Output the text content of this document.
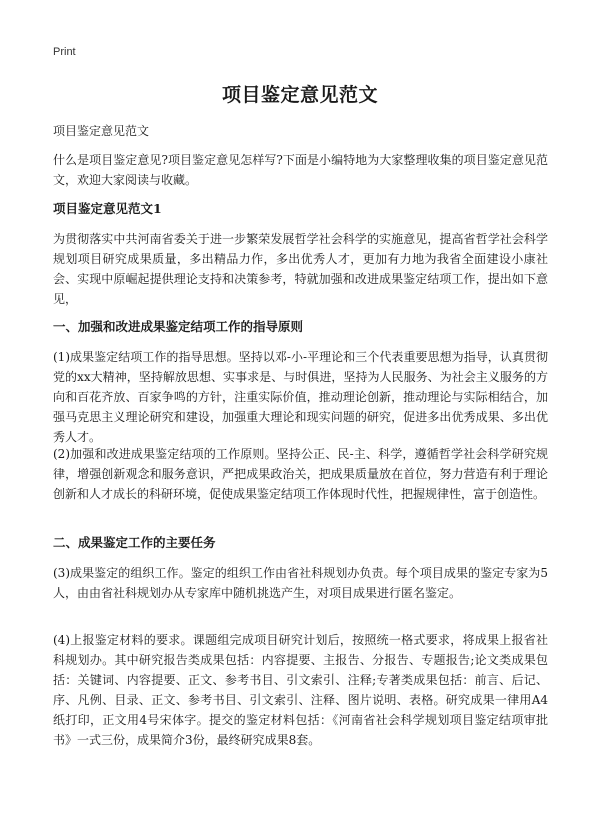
Print
项目鉴定意见范文
项目鉴定意见范文
什么是项目鉴定意见?项目鉴定意见怎样写?下面是小编特地为大家整理收集的项目鉴定意见范文，欢迎大家阅读与收藏。
项目鉴定意见范文1
为贯彻落实中共河南省委关于进一步繁荣发展哲学社会科学的实施意见，提高省哲学社会科学规划项目研究成果质量，多出精品力作，多出优秀人才，更加有力地为我省全面建设小康社会、实现中原崛起提供理论支持和决策参考，特就加强和改进成果鉴定结项工作，提出如下意见，
一、加强和改进成果鉴定结项工作的指导原则
(1)成果鉴定结项工作的指导思想。坚持以邓-小-平理论和三个代表重要思想为指导，认真贯彻党的xx大精神，坚持解放思想、实事求是、与时俱进，坚持为人民服务、为社会主义服务的方向和百花齐放、百家争鸣的方针，注重实际价值，推动理论创新，推动理论与实际相结合，加强马克思主义理论研究和建设，加强重大理论和现实问题的研究，促进多出优秀成果、多出优秀人才。
(2)加强和改进成果鉴定结项的工作原则。坚持公正、民-主、科学，遵循哲学社会科学研究规律，增强创新观念和服务意识，严把成果政治关，把成果质量放在首位，努力营造有利于理论创新和人才成长的科研环境，促使成果鉴定结项工作体现时代性，把握规律性，富于创造性。
二、成果鉴定工作的主要任务
(3)成果鉴定的组织工作。鉴定的组织工作由省社科规划办负责。每个项目成果的鉴定专家为5人，由由省社科规划办从专家库中随机挑选产生，对项目成果进行匿名鉴定。
(4)上报鉴定材料的要求。课题组完成项目研究计划后，按照统一格式要求，将成果上报省社科规划办。其中研究报告类成果包括：内容提要、主报告、分报告、专题报告;论文类成果包括：关键词、内容提要、正文、参考书目、引文索引、注释;专著类成果包括：前言、后记、序、凡例、目录、正文、参考书目、引文索引、注释、图片说明、表格。研究成果一律用A4纸打印，正文用4号宋体字。提交的鉴定材料包括：《河南省社会科学规划项目鉴定结项审批书》一式三份，成果简介3份，最终研究成果8套。
